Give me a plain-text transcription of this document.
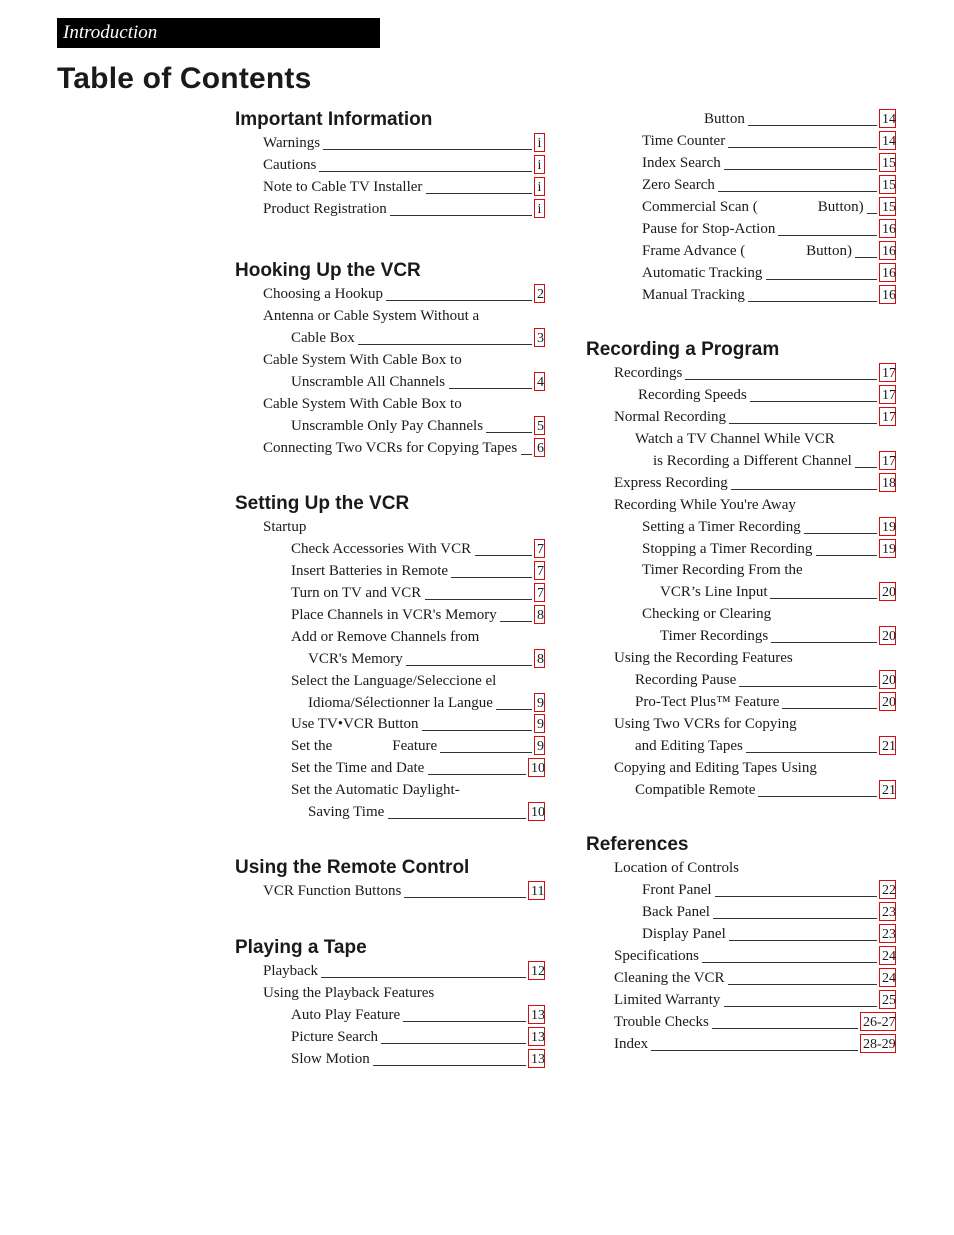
Introduction
Table of Contents
Important Information
Warnings	i
Cautions	i
Note to Cable TV Installer	i
Product Registration	i
Hooking Up the VCR
Choosing a Hookup	2
Antenna or Cable System Without a
Cable Box	3
Cable System With Cable Box to
Unscramble All Channels	4
Cable System With Cable Box to
Unscramble Only Pay Channels	5
Connecting Two VCRs for Copying Tapes 6
Setting Up the VCR
Startup
Check Accessories With VCR	7
Insert Batteries in Remote	7
Turn on TV and VCR	7
Place Channels in VCR's Memory	8
Add or Remove Channels from
VCR's Memory	8
Select the Language/Seleccione el
Idioma/Sélectionner la Langue	9
Use TV•VCR Button	9
Set the	Feature	9
Set the Time and Date	10
Set the Automatic Daylight-
Saving Time	10
Using the Remote Control
VCR Function Buttons	11
Playing a Tape
Playback	12
Using the Playback Features
Auto Play Feature	13
Picture Search	13
Slow Motion	13
Button	14
Time Counter	14
Index Search	15
Zero Search	15
Commercial Scan (	Button) 15
Pause for Stop-Action	16
Frame Advance (	Button) 16
Automatic Tracking	16
Manual Tracking	16
Recording a Program
Recordings	17
Recording Speeds	17
Normal Recording	17
Watch a TV Channel While VCR
is Recording a Different Channel 17
Express Recording	18
Recording While You're Away
Setting a Timer Recording	19
Stopping a Timer Recording	19
Timer Recording From the
VCR’s Line Input	20
Checking or Clearing
Timer Recordings	20
Using the Recording Features
Recording Pause	20
Pro-Tect Plus™ Feature	20
Using Two VCRs for Copying
and Editing Tapes	21
Copying and Editing Tapes Using
Compatible Remote	21
References
Location of Controls
Front Panel	22
Back Panel	23
Display Panel	23
Specifications	24
Cleaning the VCR	24
Limited Warranty	25
Trouble Checks	26-27
Index	28-29
